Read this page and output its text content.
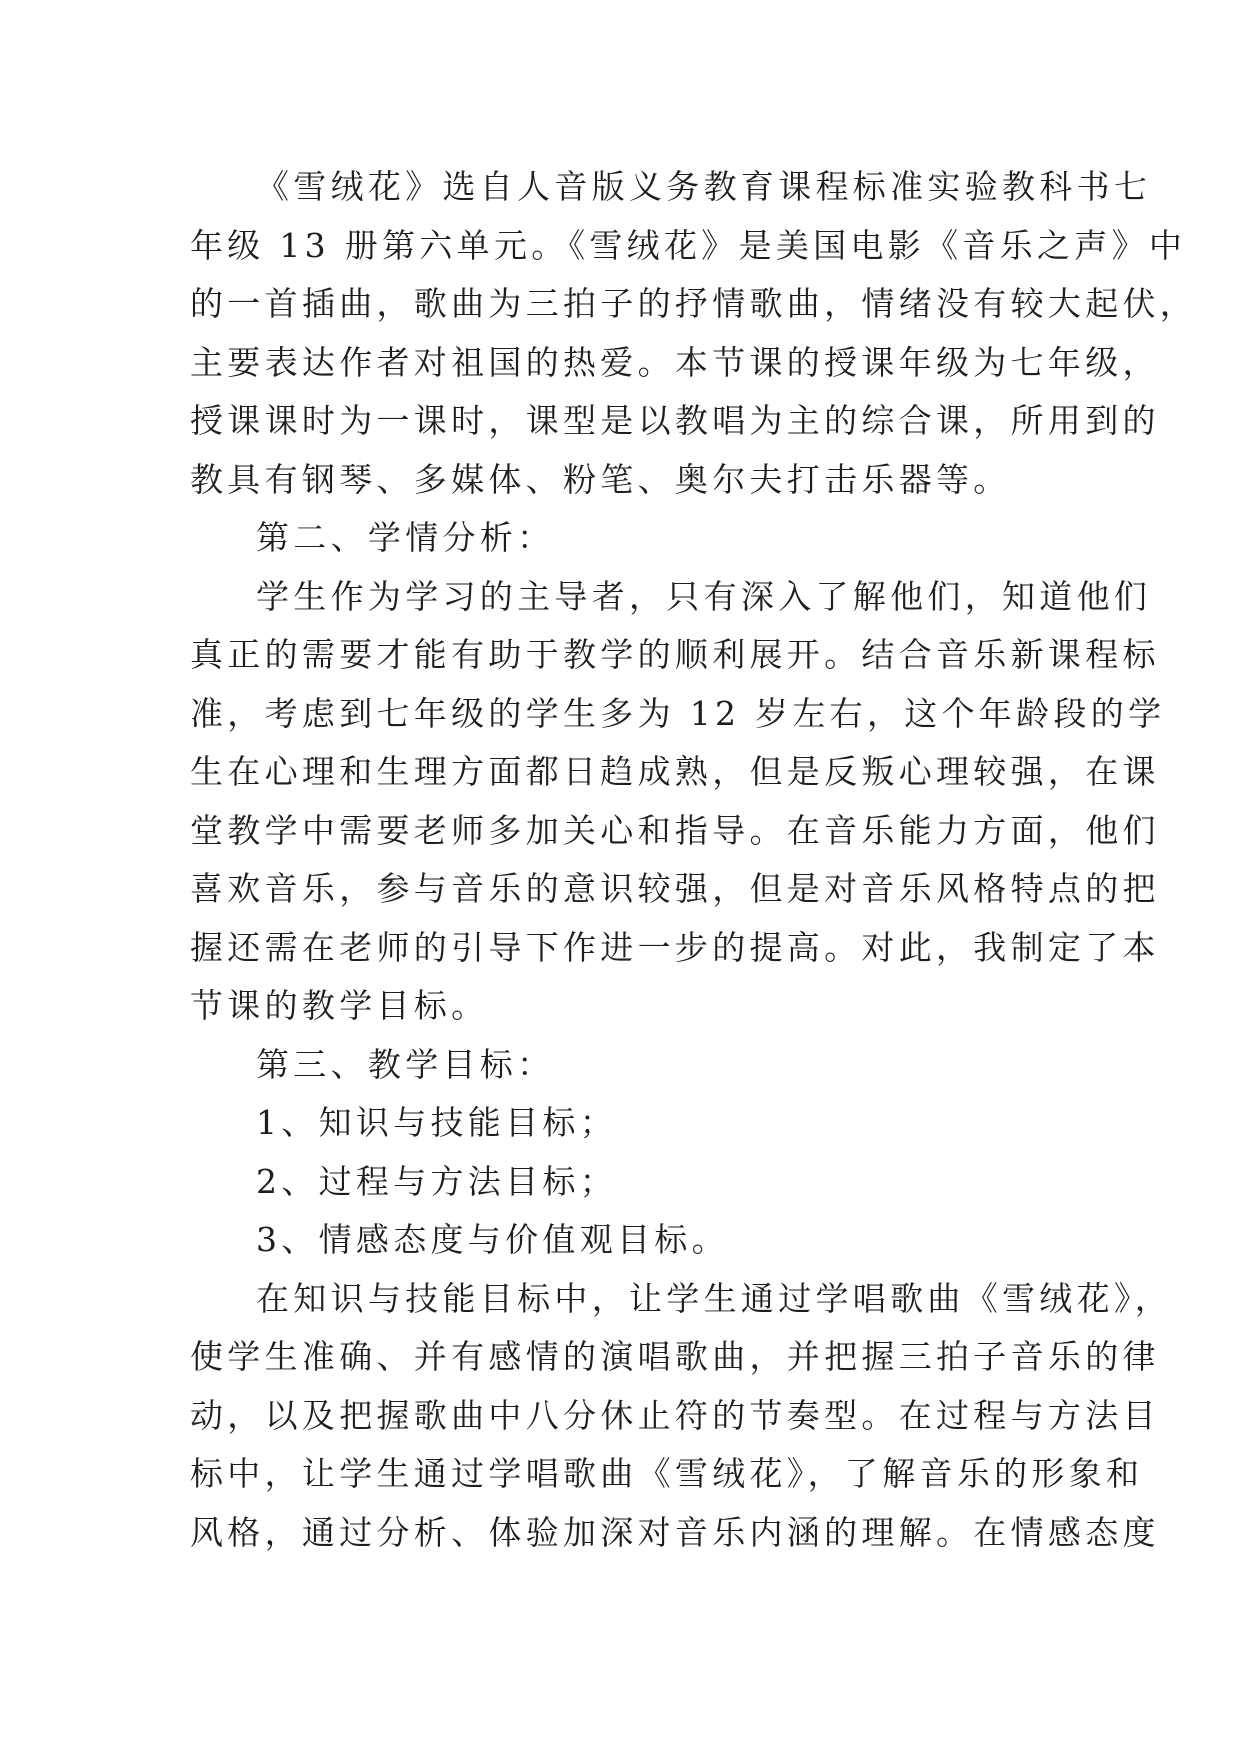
《雪绒花》选自人音版义务教育课程标准实验教科书七
年级 13 册第六单元。《雪绒花》是美国电影《音乐之声》中
的一首插曲，歌曲为三拍子的抒情歌曲，情绪没有较大起伏，
主要表达作者对祖国的热爱。本节课的授课年级为七年级，
授课课时为一课时，课型是以教唱为主的综合课，所用到的
教具有钢琴、多媒体、粉笔、奥尔夫打击乐器等。

第二、学情分析：

学生作为学习的主导者，只有深入了解他们，知道他们
真正的需要才能有助于教学的顺利展开。结合音乐新课程标
准，考虑到七年级的学生多为 12 岁左右，这个年龄段的学
生在心理和生理方面都日趋成熟，但是反叛心理较强，在课
堂教学中需要老师多加关心和指导。在音乐能力方面，他们
喜欢音乐，参与音乐的意识较强，但是对音乐风格特点的把
握还需在老师的引导下作进一步的提高。对此，我制定了本
节课的教学目标。

第三、教学目标：

1、知识与技能目标；

2、过程与方法目标；

3、情感态度与价值观目标。

在知识与技能目标中，让学生通过学唱歌曲《雪绒花》，
使学生准确、并有感情的演唱歌曲，并把握三拍子音乐的律
动，以及把握歌曲中八分休止符的节奏型。在过程与方法目
标中，让学生通过学唱歌曲《雪绒花》，了解音乐的形象和
风格，通过分析、体验加深对音乐内涵的理解。在情感态度
